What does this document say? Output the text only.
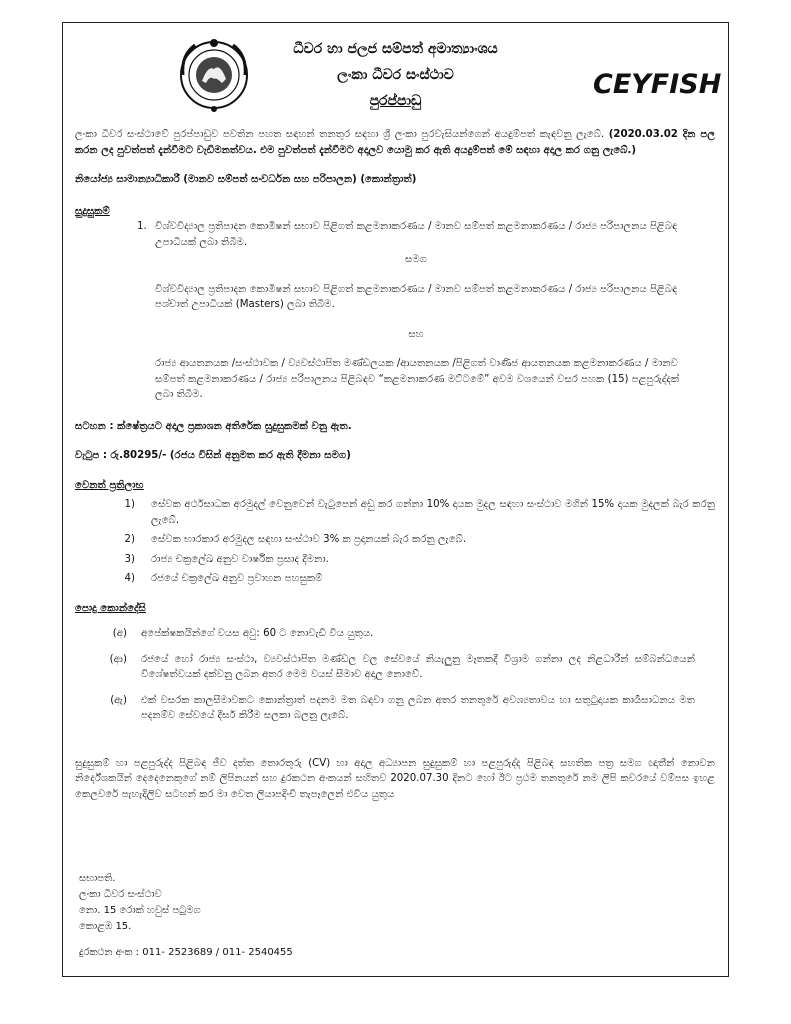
ධීවර හා ජලජ සම්පත් අමාත්‍යාංශය
ලංකා ධීවර සංස්ථාව
පුරප්පාඩු
CEYFISH

ලංකා ධීවර සංස්ථාවේ පුරප්පාඩුව පවතින පහත සඳහන් තනතුර සඳහා ශ්‍රී ලංකා පුරවැසියන්ගෙන් අයදුම්පත් කැඳවනු ලැබේ. (2020.03.02 දින පල කරන ලද පුවත්පත් දැන්වීමට වැඩිමනත්වය. එම පුවත්පත් දැන්වීමට අදාලව යොමු කර ඇති අයදුම්පත් මේ සඳහා අදාල කර ගනු ලැබේ.)

නියෝජ්‍ය සාමාන්‍යාධිකාරී (මානව සම්පත් සංවර්ධන සහ පරිපාලන) (කොන්ත්‍රාත්)

සුදුසුකම්

1. විශ්වවිද්‍යාල ප්‍රතිපාදන කොමිෂන් සභාව පිළිගත් කළමනාකරණය / මානව සම්පත් කළමනාකරණය / රාජ්‍ය පරිපාලනය පිළිබඳ උපාධියක් ලබා තිබීම.
සමග
විශ්වවිද්‍යාල ප්‍රතිපාදන කොමිෂන් සභාව පිළිගත් කළමනාකරණය / මානව සම්පත් කළමනාකරණය / රාජ්‍ය පරිපාලනය පිළිබඳ පශ්චාත් උපාධියක් (Masters) ලබා තිබීම.
සහ
රාජ්‍ය ආයතනයක /සංස්ථාවක / ව්‍යවස්ථාපිත මණ්ඩලයක /ආයතනයක /පිළිගත් වාණිජ ආයතනයක කළමනාකරණය / මානව සම්පත් කළමනාකරණය / රාජ්‍ය පරිපාලනය පිළිබඳව “කළමනාකරණ මට්ටමේ” අවම වශයෙන් වසර පහක (15) පළපුරුද්දක් ලබා තිබීම.

සටහන : ක්ෂේත්‍රයට අදාල ප්‍රකාශන අතිරේක සුදුසුකමක් වනු ඇත.

වැටුප : රු.80295/- (රජය විසින් අනුමත කර ඇති දීමනා සමග)

වෙනත් ප්‍රතිලාභ

1)	සේවක අර්ථසාධක අරමුදල් වෙනුවෙන් වැටුපෙන් අඩු කර ගන්නා 10% දායක මුදල සඳහා සංස්ථාව මගින් 15% දායක මුදලක් බැර කරනු ලැබේ.
2)	සේවක භාරකාර අරමුදල සඳහා සංස්ථාව 3% ක ප්‍රදානයක් බැර කරනු ලැබේ.
3)	රාජ්‍ය චක්‍රලේඛ අනුව වාර්ෂික ප්‍රසාද දීමනා.
4)	රජයේ චක්‍රලේඛ අනුව ප්‍රවාහන පහසුකම්

පොදු කොන්දේසි

(අ)	අපේක්ෂකයින්ගේ වයස අවු: 60 ට නොවැඩි විය යුතුය.
(ආ)	රජයේ හෝ රාජ්‍ය සංස්ථා, ව්‍යවස්ථාපිත මණ්ඩල වල සේවයේ නියැලුනු මෑතකදී විශ්‍රාම ගන්නා ලද නිළධාරීන් සම්බන්ධයෙන් විශේෂත්වයක් දක්වනු ලබන අතර මෙම වයස් සීමාව අදාල නොවේ.
(ඇ)	එක් වසරක කාලසීමාවකට කොන්ත්‍රාත් පදනම මත බඳවා ගනු ලබන අතර තනතුරේ අවශ්‍යතාවය හා සතුටුදායක කාර්‍යසාධනය මත පදනම්ව සේවයේ දීර්ඝ කිරීම සලකා බලනු ලැබේ.

සුදුසුකම් හා පළපුරුද්ද පිළිබඳ ජීව දත්ත තොරතුරු (CV) හා අදාල අධ්‍යාපන සුදුසුකම් හා පළපුරුද්ද පිළිබඳ සහතික පත්‍ර සමග ඥාතීන් නොවන නිර්දේශකයින් දෙදෙනෙකුගේ නම් ලිපිනයන් සහ දුරකථන අංකයන් සහිතව 2020.07.30 දිනට හෝ ඊට ප්‍රථම තනතුරේ නම ලිපි කවරයේ වම්පස ඉහළ කෙලවරේ පැහැදිලිව සටහන් කර මා වෙත ලියාපදිංචි තැපෑලෙන් එවිය යුතුය

සභාපති.
ලංකා ධීවර සංස්ථාව
නො. 15 රොක් හවුස් පටුමග
කොළඹ 15.
දුරකථන අංක : 011- 2523689 / 011- 2540455
